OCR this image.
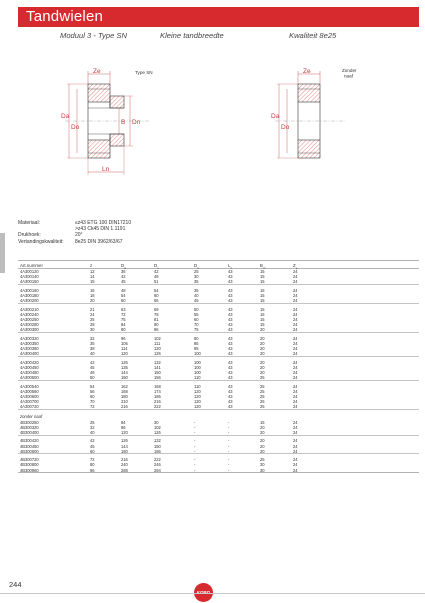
Tandwielen
Moduul 3 - Type SN	Kleine tandbreedte	Kwaliteit 8e25
Ze
Da
Do
B Dn
Ln
Type SN	Ze
Da
Do
Zonder
naaf
Materiaal:	≤z43 ETG 100 DIN17210
>z43 Ck45 DIN 1.1191
Drukhoek:	20°
Vertandingskwaliteit: 8e25 DIN 3962/63/67
Art.nummer	z	$D_a$	$D_o$	$D_n$	$L_n$	$B_m$	$Z_e$
4A300120	12	36	42	25	43	15	24
4A300140	14	42	48	30	43	15	24
4A300150	15	45	51	35	43	15	24
4A300160	16	48	54	35	43	15	24
4A300180	18	54	60	40	43	15	24
4A300200	20	60	66	45	43	15	24
4A300210	21	63	69	50	43	15	24
4A300240	24	72	78	55	43	15	24
4A300250	25	75	81	60	43	15	24
4A300280	28	84	90	70	43	15	24
4A300300	30	90	96	75	43	20	24
4A300320	32	96	102	80	43	20	24
4A300350	35	105	111	85	43	20	24
4A300380	38	114	120	95	43	20	24
4A300400	40	120	126	100	43	20	24
4A300420	42	126	132	100	43	20	24
4A300450	45	135	141	100	43	20	24
4A300480	48	144	150	100	43	20	24
4A300500	50	150	156	110	43	25	24
4A300540	54	162	168	110	43	25	24
4A300560	56	168	174	120	43	25	24
4A300600	60	180	186	120	43	25	24
4A300700	70	210	216	120	43	25	24
4A300720	72	216	222	120	43	25	24
zonder naaf
4B300250	25	84	30	-	-	15	24
4B300320	32	96	102	-	-	20	24
4B300400	40	120	126	-	-	20	24
4B300420	42	126	132	-	-	20	24
4B300450	45	144	150	-	-	20	24
4B300600	60	180	186	-	-	20	24
4B300720	72	216	222	-	-	25	24
4B300800	80	240	246	-	-	30	24
4B300960	96	288	294	-	-	30	24
244
KOBO
